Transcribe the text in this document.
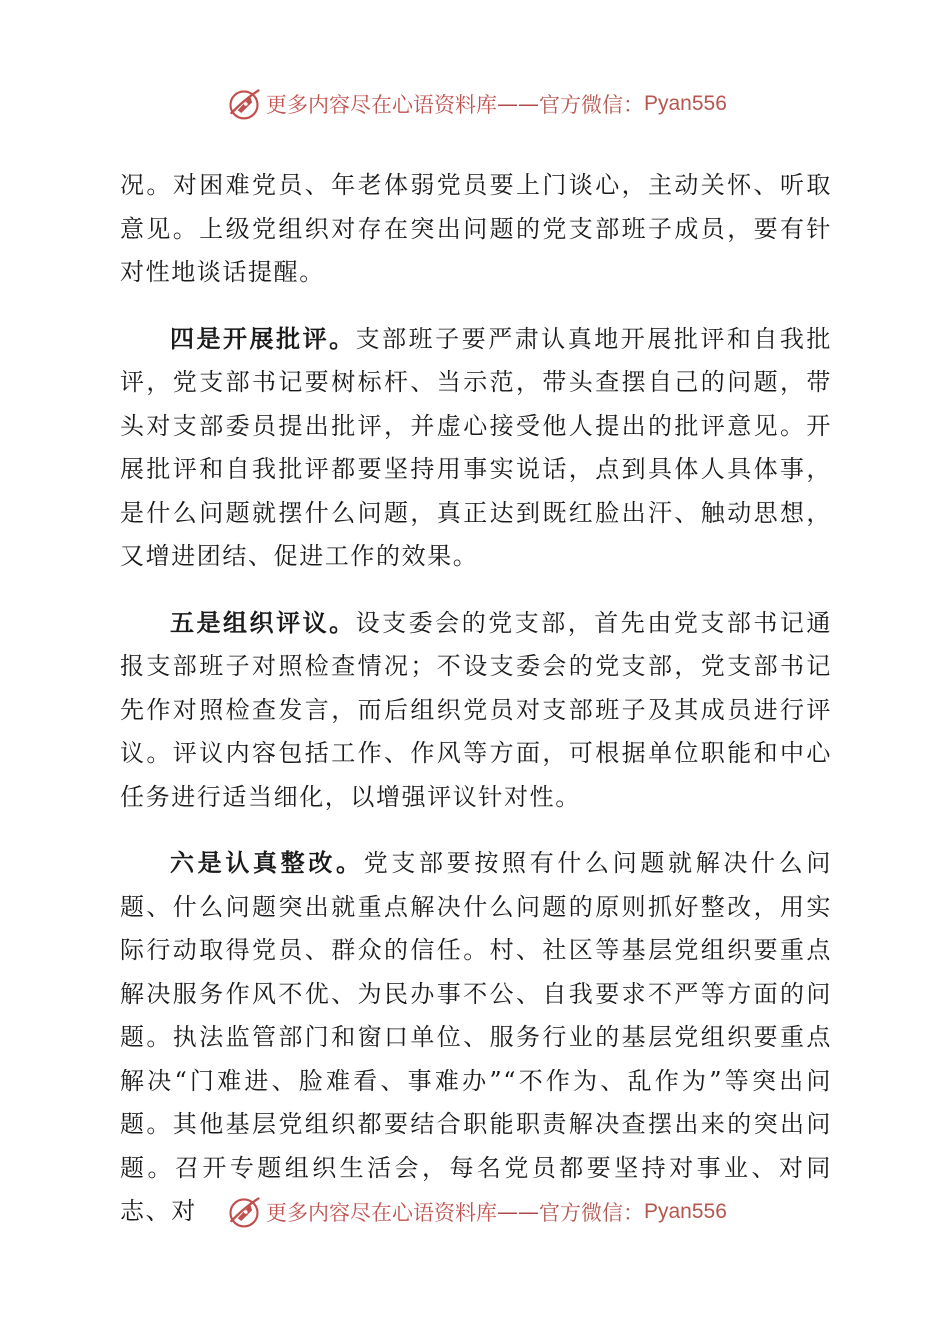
更多内容尽在心语资料库 —— 官方微信： Pyan556

况。对困难党员、年老体弱党员要上门谈心，主动关怀、听取意见。上级党组织对存在突出问题的党支部班子成员，要有针对性地谈话提醒。

四是开展批评。支部班子要严肃认真地开展批评和自我批评，党支部书记要树标杆、当示范，带头查摆自己的问题，带头对支部委员提出批评，并虚心接受他人提出的批评意见。开展批评和自我批评都要坚持用事实说话，点到具体人具体事，是什么问题就摆什么问题，真正达到既红脸出汗、触动思想，又增进团结、促进工作的效果。

五是组织评议。设支委会的党支部，首先由党支部书记通报支部班子对照检查情况；不设支委会的党支部，党支部书记先作对照检查发言，而后组织党员对支部班子及其成员进行评议。评议内容包括工作、作风等方面，可根据单位职能和中心任务进行适当细化，以增强评议针对性。

六是认真整改。党支部要按照有什么问题就解决什么问题、什么问题突出就重点解决什么问题的原则抓好整改，用实际行动取得党员、群众的信任。村、社区等基层党组织要重点解决服务作风不优、为民办事不公、自我要求不严等方面的问题。执法监管部门和窗口单位、服务行业的基层党组织要重点解决“门难进、脸难看、事难办”“不作为、乱作为”等突出问题。其他基层党组织都要结合职能职责解决查摆出来的突出问题。召开专题组织生活会，每名党员都要坚持对事业、对同志、对	更多内容尽在心语资料库 —— 官方微信： Pyan556
